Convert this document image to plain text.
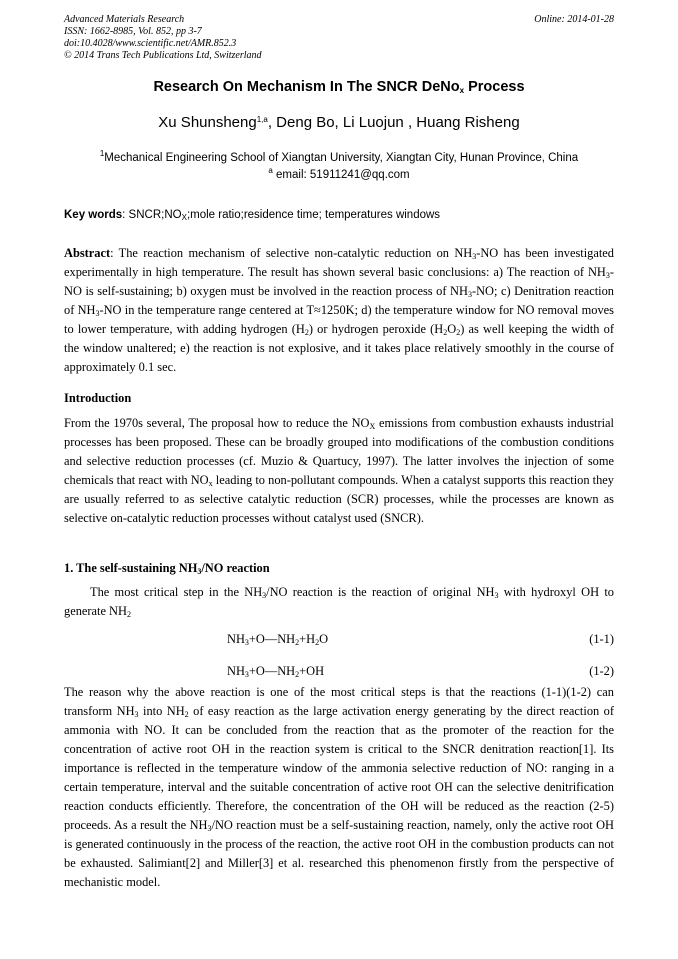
Advanced Materials Research
ISSN: 1662-8985, Vol. 852, pp 3-7
doi:10.4028/www.scientific.net/AMR.852.3
© 2014 Trans Tech Publications Ltd, Switzerland
Online: 2014-01-28
Research On Mechanism In The SNCR DeNo$_x$ Process
Xu Shunsheng$^{1,a}$, Deng Bo, Li Luojun , Huang Risheng
$^1$Mechanical Engineering School of Xiangtan University, Xiangtan City, Hunan Province, China
$^a$ email: 51911241@qq.com
Key words: $SNCR;NO_X;mole$ ratio;residence time; temperatures windows
Abstract: The reaction mechanism of selective non-catalytic reduction on $NH_3-NO$ has been investigated experimentally in high temperature. The result has shown several basic conclusions: a) The reaction of $NH_3-NO$ is self-sustaining; b) oxygen must be involved in the reaction process of $NH_3-NO$; c) Denitration reaction of $NH_3-NO$ in the temperature range centered at T≈1250K; d) the temperature window for NO removal moves to lower temperature, with adding hydrogen $(H_2)$ or hydrogen peroxide $(H_2O_2)$ as well keeping the width of the window unaltered; e) the reaction is not explosive, and it takes place relatively smoothly in the course of approximately 0.1 sec.
Introduction
From the 1970s several, The proposal how to reduce the $NO_X$ emissions from combustion exhausts industrial processes has been proposed. These can be broadly grouped into modifications of the combustion conditions and selective reduction processes (cf. Muzio & Quartucy, 1997). The latter involves the injection of some chemicals that react with $NO_x$ leading to non-pollutant compounds. When a catalyst supports this reaction they are usually referred to as selective catalytic reduction (SCR) processes, while the processes are known as selective on-catalytic reduction processes without catalyst used (SNCR).
1. The self-sustaining $NH_3/NO$ reaction
The most critical step in the $NH_3/NO$ reaction is the reaction of original $NH_3$ with hydroxyl OH to generate $NH_2$
$NH_3+O—NH_2+H_2O$	(1-1)
$NH_3+O—NH_2+OH$	(1-2)
The reason why the above reaction is one of the most critical steps is that the reactions (1-1)(1-2) can transform $NH_3$ into $NH_2$ of easy reaction as the large activation energy generating by the direct reaction of ammonia with NO. It can be concluded from the reaction that as the promoter of the reaction for the concentration of active root OH in the reaction system is critical to the SNCR denitration reaction[1]. Its importance is reflected in the temperature window of the ammonia selective reduction of NO: ranging in a certain temperature, interval and the suitable concentration of active root OH can the selective denitrification reaction conducts efficiently. Therefore, the concentration of the OH will be reduced as the reaction (2-5) proceeds. As a result the $NH_3/NO$ reaction must be a self-sustaining reaction, namely, only the active root OH is generated continuously in the process of the reaction, the active root OH in the combustion products can not be exhausted. Salimiant[2] and Miller[3] et al. researched this phenomenon firstly from the perspective of mechanistic model.
